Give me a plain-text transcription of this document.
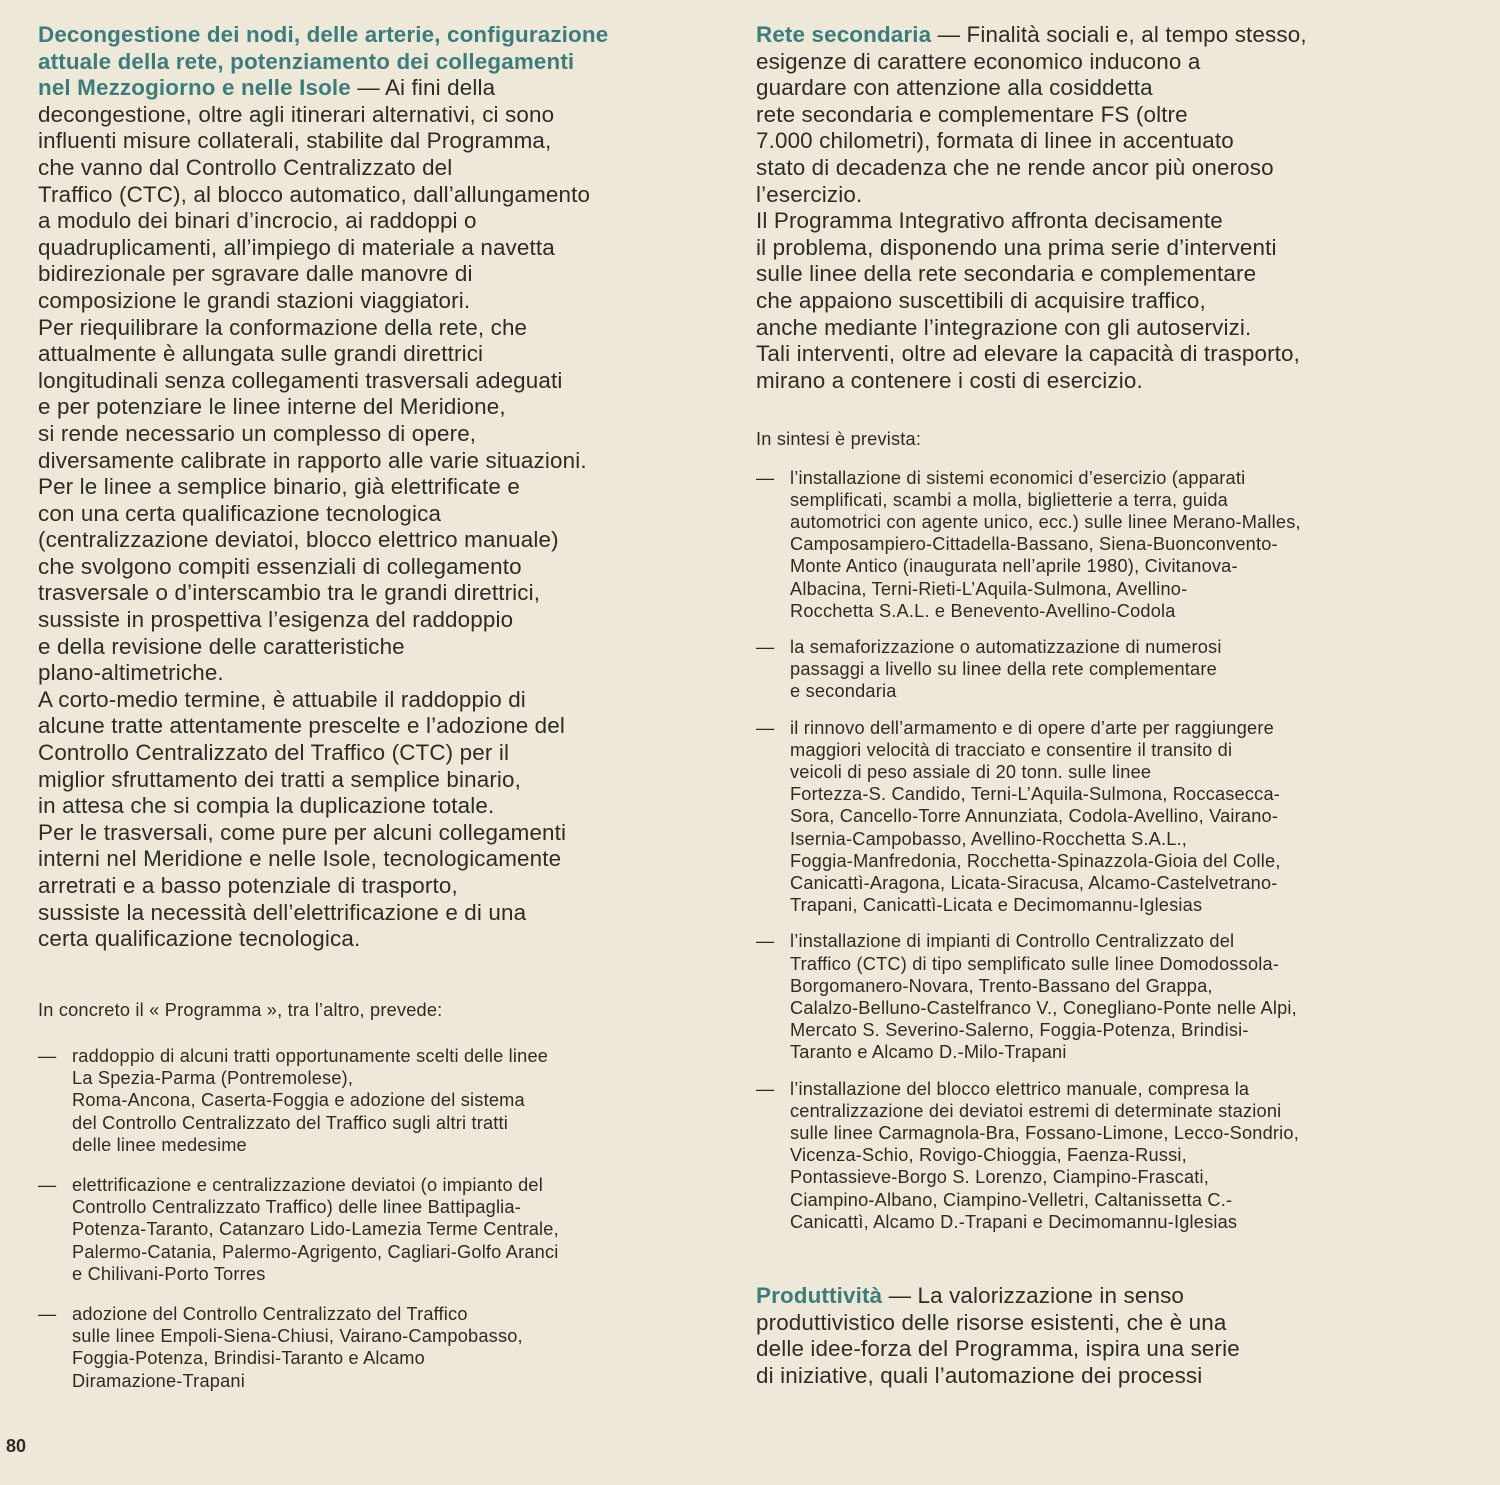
Decongestione dei nodi, delle arterie, configurazione
attuale della rete, potenziamento dei collegamenti
nel Mezzogiorno e nelle Isole — Ai fini della
decongestione, oltre agli itinerari alternativi, ci sono
influenti misure collaterali, stabilite dal Programma,
che vanno dal Controllo Centralizzato del
Traffico (CTC), al blocco automatico, dall’allungamento
a modulo dei binari d’incrocio, ai raddoppi o
quadruplicamenti, all’impiego di materiale a navetta
bidirezionale per sgravare dalle manovre di
composizione le grandi stazioni viaggiatori.
Per riequilibrare la conformazione della rete, che
attualmente è allungata sulle grandi direttrici
longitudinali senza collegamenti trasversali adeguati
e per potenziare le linee interne del Meridione,
si rende necessario un complesso di opere,
diversamente calibrate in rapporto alle varie situazioni.
Per le linee a semplice binario, già elettrificate e
con una certa qualificazione tecnologica
(centralizzazione deviatoi, blocco elettrico manuale)
che svolgono compiti essenziali di collegamento
trasversale o d’interscambio tra le grandi direttrici,
sussiste in prospettiva l’esigenza del raddoppio
e della revisione delle caratteristiche
plano-altimetriche.
A corto-medio termine, è attuabile il raddoppio di
alcune tratte attentamente prescelte e l’adozione del
Controllo Centralizzato del Traffico (CTC) per il
miglior sfruttamento dei tratti a semplice binario,
in attesa che si compia la duplicazione totale.
Per le trasversali, come pure per alcuni collegamenti
interni nel Meridione e nelle Isole, tecnologicamente
arretrati e a basso potenziale di trasporto,
sussiste la necessità dell’elettrificazione e di una
certa qualificazione tecnologica.

In concreto il « Programma », tra l’altro, prevede:

— raddoppio di alcuni tratti opportunamente scelti delle linee
La Spezia-Parma (Pontremolese),
Roma-Ancona, Caserta-Foggia e adozione del sistema
del Controllo Centralizzato del Traffico sugli altri tratti
delle linee medesime
— elettrificazione e centralizzazione deviatoi (o impianto del
Controllo Centralizzato Traffico) delle linee Battipaglia-
Potenza-Taranto, Catanzaro Lido-Lamezia Terme Centrale,
Palermo-Catania, Palermo-Agrigento, Cagliari-Golfo Aranci
e Chilivani-Porto Torres
— adozione del Controllo Centralizzato del Traffico
sulle linee Empoli-Siena-Chiusi, Vairano-Campobasso,
Foggia-Potenza, Brindisi-Taranto e Alcamo
Diramazione-Trapani
Rete secondaria — Finalità sociali e, al tempo stesso,
esigenze di carattere economico inducono a
guardare con attenzione alla cosiddetta
rete secondaria e complementare FS (oltre
7.000 chilometri), formata di linee in accentuato
stato di decadenza che ne rende ancor più oneroso
l’esercizio.
Il Programma Integrativo affronta decisamente
il problema, disponendo una prima serie d’interventi
sulle linee della rete secondaria e complementare
che appaiono suscettibili di acquisire traffico,
anche mediante l’integrazione con gli autoservizi.
Tali interventi, oltre ad elevare la capacità di trasporto,
mirano a contenere i costi di esercizio.

In sintesi è prevista:

— l’installazione di sistemi economici d’esercizio (apparati
semplificati, scambi a molla, biglietterie a terra, guida
automotrici con agente unico, ecc.) sulle linee Merano-Malles,
Camposampiero-Cittadella-Bassano, Siena-Buonconvento-
Monte Antico (inaugurata nell’aprile 1980), Civitanova-
Albacina, Terni-Rieti-L’Aquila-Sulmona, Avellino-
Rocchetta S.A.L. e Benevento-Avellino-Codola
— la semaforizzazione o automatizzazione di numerosi
passaggi a livello su linee della rete complementare
e secondaria
— il rinnovo dell’armamento e di opere d’arte per raggiungere
maggiori velocità di tracciato e consentire il transito di
veicoli di peso assiale di 20 tonn. sulle linee
Fortezza-S. Candido, Terni-L’Aquila-Sulmona, Roccasecca-
Sora, Cancello-Torre Annunziata, Codola-Avellino, Vairano-
Isernia-Campobasso, Avellino-Rocchetta S.A.L.,
Foggia-Manfredonia, Rocchetta-Spinazzola-Gioia del Colle,
Canicattì-Aragona, Licata-Siracusa, Alcamo-Castelvetrano-
Trapani, Canicattì-Licata e Decimomannu-Iglesias
— l’installazione di impianti di Controllo Centralizzato del
Traffico (CTC) di tipo semplificato sulle linee Domodossola-
Borgomanero-Novara, Trento-Bassano del Grappa,
Calalzo-Belluno-Castelfranco V., Conegliano-Ponte nelle Alpi,
Mercato S. Severino-Salerno, Foggia-Potenza, Brindisi-
Taranto e Alcamo D.-Milo-Trapani
— l’installazione del blocco elettrico manuale, compresa la
centralizzazione dei deviatoi estremi di determinate stazioni
sulle linee Carmagnola-Bra, Fossano-Limone, Lecco-Sondrio,
Vicenza-Schio, Rovigo-Chioggia, Faenza-Russi,
Pontassieve-Borgo S. Lorenzo, Ciampino-Frascati,
Ciampino-Albano, Ciampino-Velletri, Caltanissetta C.-
Canicattì, Alcamo D.-Trapani e Decimomannu-Iglesias
Produttività — La valorizzazione in senso
produttivistico delle risorse esistenti, che è una
delle idee-forza del Programma, ispira una serie
di iniziative, quali l’automazione dei processi
80
